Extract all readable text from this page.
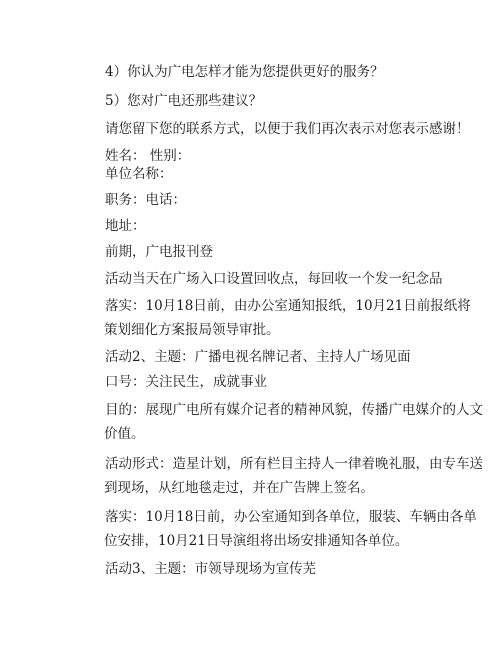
4）你认为广电怎样才能为您提供更好的服务？
5）您对广电还那些建议？
请您留下您的联系方式，以便于我们再次表示对您表示感谢！
姓名： 性别：
单位名称：
职务：电话：
地址：
前期，广电报刊登
活动当天在广场入口设置回收点，每回收一个发一纪念品
落实：10月18日前，由办公室通知报纸，10月21日前报纸将
策划细化方案报局领导审批。
活动2、主题：广播电视名牌记者、主持人广场见面
口号：关注民生，成就事业
目的：展现广电所有媒介记者的精神风貌，传播广电媒介的人文
价值。
活动形式：造星计划，所有栏目主持人一律着晚礼服，由专车送
到现场，从红地毯走过，并在广告牌上签名。
落实：10月18日前，办公室通知到各单位，服装、车辆由各单
位安排，10月21日导演组将出场安排通知各单位。
活动3、主题：市领导现场为宣传芜
